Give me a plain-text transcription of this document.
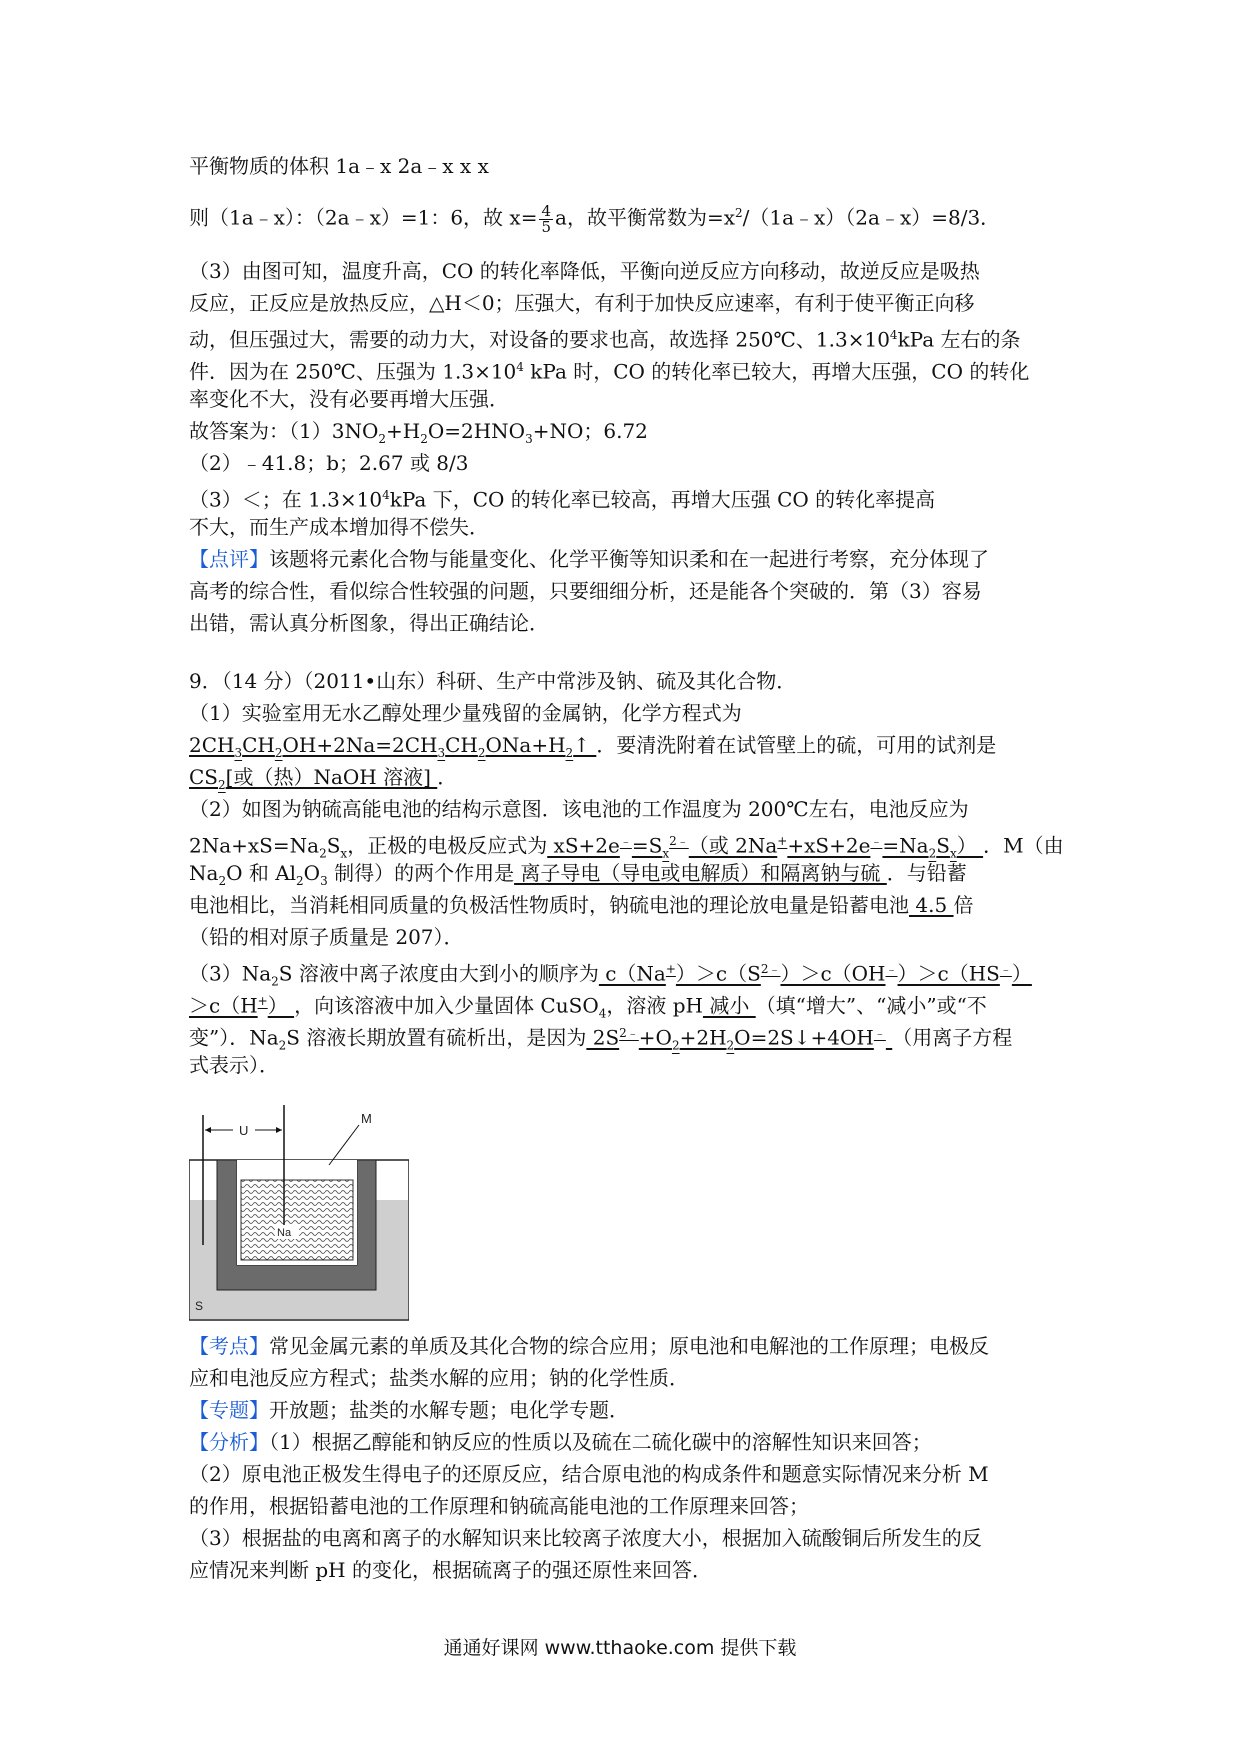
平衡物质的体积 1a﹣x 2a﹣x x x
则（1a﹣x）：（2a﹣x）=1：6，故 $x= \frac{4}{5}$ a，故平衡常数为$=x^2/(1a﹣x)(2a﹣x)=8/3$．
（3）由图可知，温度升高，CO 的转化率降低，平衡向逆反应方向移动，故逆反应是吸热
反应，正反应是放热反应，△H＜0；压强大，有利于加快反应速率，有利于使平衡正向移
动，但压强过大，需要的动力大，对设备的要求也高，故选择 250℃、$1.3\times 10^4kPa$ 左右的条
件．因为在 250℃、压强为 $1.3\times 10^4$ kPa 时，CO 的转化率已较大，再增大压强，CO 的转化
率变化不大，没有必要再增大压强．
故答案为：$(1)3NO_2+H_2O=2HNO_3+NO$；6.72
（2）﹣41.8；b；2.67 或 8/3
（3）＜；在 $1.3\times 10^4kPa$ 下，CO 的转化率已较高，再增大压强 CO 的转化率提高
不大，而生产成本增加得不偿失．
【点评】该题将元素化合物与能量变化、化学平衡等知识柔和在一起进行考察，充分体现了
高考的综合性，看似综合性较强的问题，只要细细分析，还是能各个突破的．第（3）容易
出错，需认真分析图象，得出正确结论．
9．（14 分）（2011•山东）科研、生产中常涉及钠、硫及其化合物．
（1）实验室用无水乙醇处理少量残留的金属钠，化学方程式为
$2CH_3CH_2OH+2Na=2CH_3CH_2ONa+H_2↑$ ．要清洗附着在试管壁上的硫，可用的试剂是
$CS_2$[或（热）NaOH 溶液] ．
（2）如图为钠硫高能电池的结构示意图．该电池的工作温度为 200℃左右，电池反应为
$2Na+xS=Na_2S_x$，正极的电极反应式为 $xS+2e^﹣=S_x^{2﹣}$（或 $2Na^++xS+2e^﹣=Na_2S_x$） ．M（由
$Na_2O$ 和 $Al_2O_3$ 制得）的两个作用是 离子导电（导电或电解质）和隔离钠与硫 ．与铅蓄
电池相比，当消耗相同质量的负极活性物质时，钠硫电池的理论放电量是铅蓄电池 4.5 倍
（铅的相对原子质量是 207）．
$(3)Na_2S$ 溶液中离子浓度由大到小的顺序为 $c(Na^+)>c(S^{2﹣})>c(OH^﹣)>c(HS^﹣)$
＞c（H+） ，向该溶液中加入少量固体 CuSO$_4$，溶液 pH 减小 （填“增大”、“减小”或“不
变”）．$Na_2S$ 溶液长期放置有硫析出，是因为 $2S^{2﹣}+O_2+2H_2O=2S↓+4OH^﹣$ （用离子方程
式表示）．
【考点】常见金属元素的单质及其化合物的综合应用；原电池和电解池的工作原理；电极反
应和电池反应方程式；盐类水解的应用；钠的化学性质．
【专题】开放题；盐类的水解专题；电化学专题．
【分析】（1）根据乙醇能和钠反应的性质以及硫在二硫化碳中的溶解性知识来回答；
（2）原电池正极发生得电子的还原反应，结合原电池的构成条件和题意实际情况来分析 M
的作用，根据铅蓄电池的工作原理和钠硫高能电池的工作原理来回答；
（3）根据盐的电离和离子的水解知识来比较离子浓度大小，根据加入硫酸铜后所发生的反
应情况来判断 pH 的变化，根据硫离子的强还原性来回答．
U
M
Na
S
通通好课网 www.tthaoke.com 提供下载
